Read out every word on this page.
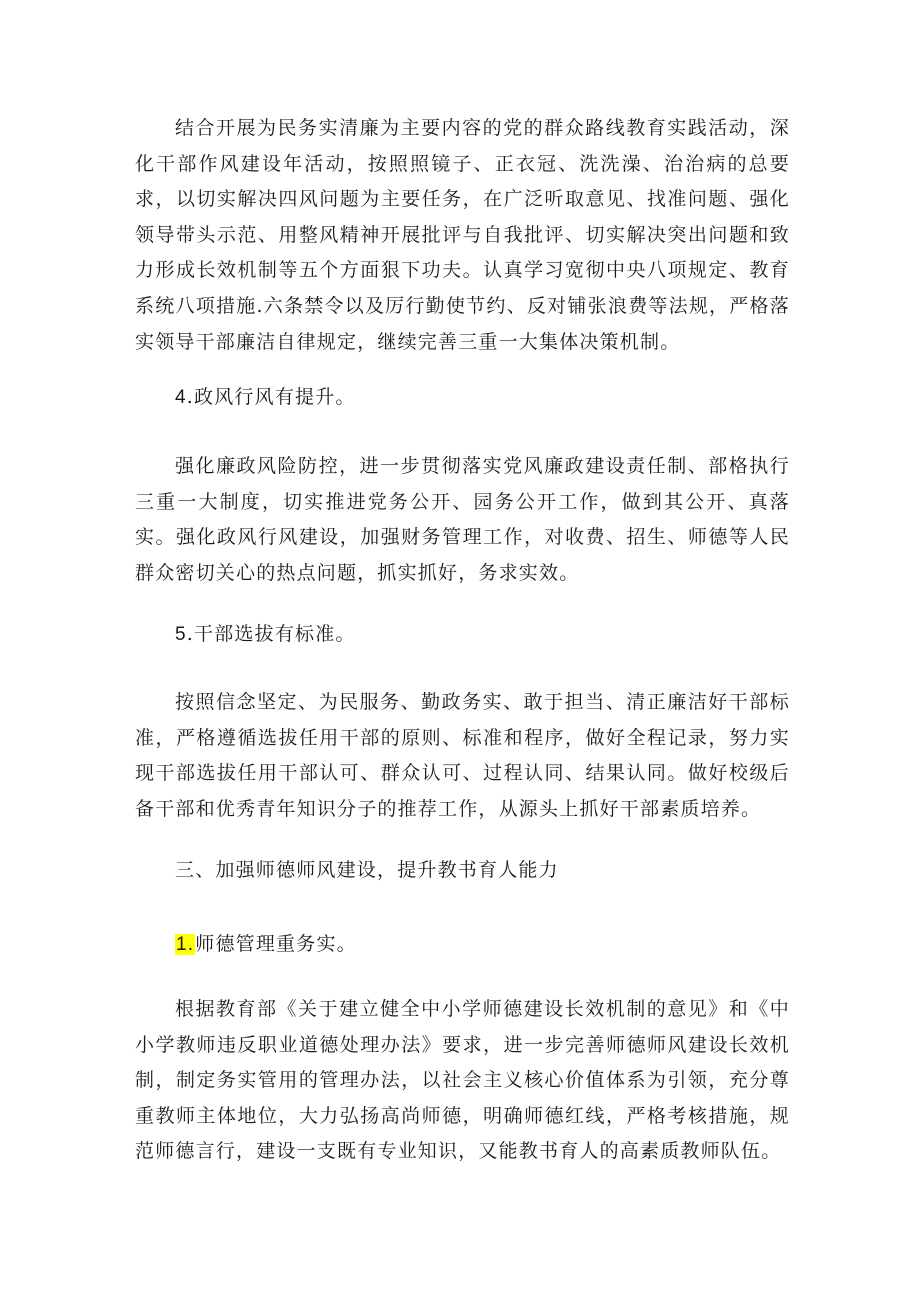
结合开展为民务实清廉为主要内容的党的群众路线教育实践活动，深化干部作风建设年活动，按照照镜子、正衣冠、洗洗澡、治治病的总要求，以切实解决四风问题为主要任务，在广泛听取意见、找准问题、强化领导带头示范、用整风精神开展批评与自我批评、切实解决突出问题和致力形成长效机制等五个方面狠下功夫。认真学习宽彻中央八项规定、教育系统八项措施.六条禁令以及厉行勤使节约、反对铺张浪费等法规，严格落实领导干部廉洁自律规定，继续完善三重一大集体决策机制。

4.政风行风有提升。

强化廉政风险防控，进一步贯彻落实党风廉政建设责任制、部格执行三重一大制度，切实推进党务公开、园务公开工作，做到其公开、真落实。强化政风行风建设，加强财务管理工作，对收费、招生、师德等人民群众密切关心的热点问题，抓实抓好，务求实效。

5.干部选拔有标准。

按照信念坚定、为民服务、勤政务实、敢于担当、清正廉洁好干部标准，严格遵循选拔任用干部的原则、标准和程序，做好全程记录，努力实现干部选拔任用干部认可、群众认可、过程认同、结果认同。做好校级后备干部和优秀青年知识分子的推荐工作，从源头上抓好干部素质培养。

三、加强师德师风建设，提升教书育人能力

1.师德管理重务实。

根据教育部《关于建立健全中小学师德建设长效机制的意见》和《中小学教师违反职业道德处理办法》要求，进一步完善师德师风建设长效机制，制定务实管用的管理办法，以社会主义核心价值体系为引领，充分尊重教师主体地位，大力弘扬高尚师德，明确师德红线，严格考核措施，规范师德言行，建设一支既有专业知识，又能教书育人的高素质教师队伍。
